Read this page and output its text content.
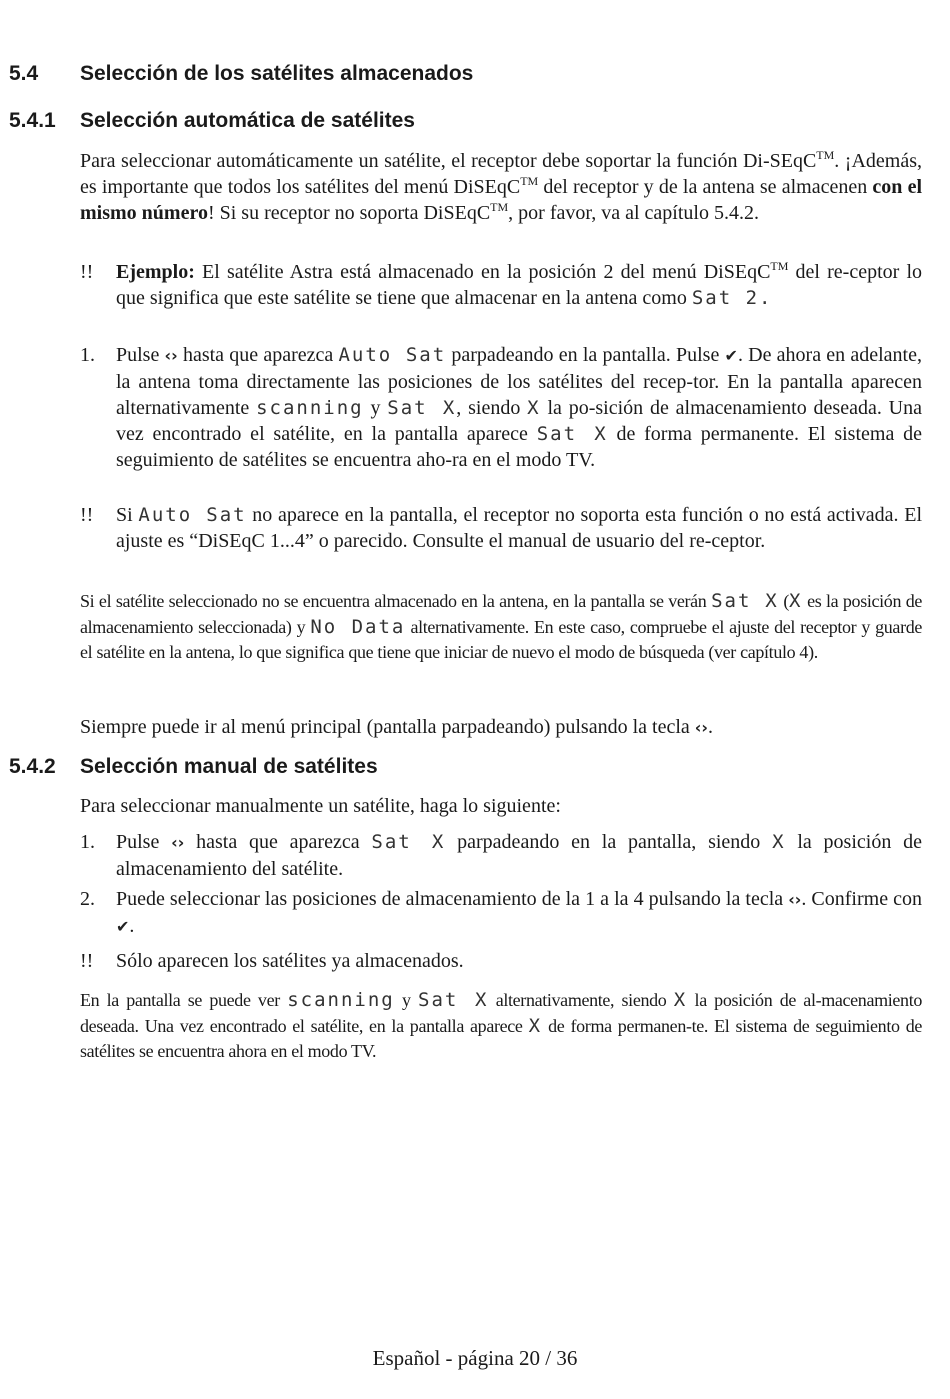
5.4 Selección de los satélites almacenados
5.4.1 Selección automática de satélites

Para seleccionar automáticamente un satélite, el receptor debe soportar la función Di-SEqC™. ¡Además, es importante que todos los satélites del menú DiSEqC™ del receptor y de la antena se almacenen con el mismo número! Si su receptor no soporta DiSEqC™, por favor, va al capítulo 5.4.2.

!!	Ejemplo: El satélite Astra está almacenado en la posición 2 del menú DiSEqC™ del re-ceptor lo que significa que este satélite se tiene que almacenar en la antena como Sat 2.
1.	Pulse ‹› hasta que aparezca Auto Sat parpadeando en la pantalla. Pulse ✔. De ahora en adelante, la antena toma directamente las posiciones de los satélites del recep-tor. En la pantalla aparecen alternativamente scanning y Sat X, siendo X la po-sición de almacenamiento deseada. Una vez encontrado el satélite, en la pantalla aparece Sat X de forma permanente. El sistema de seguimiento de satélites se encuentra aho-ra en el modo TV.
!!	Si Auto Sat no aparece en la pantalla, el receptor no soporta esta función o no está activada. El ajuste es “DiSEqC 1...4” o parecido. Consulte el manual de usuario del re-ceptor.

Si el satélite seleccionado no se encuentra almacenado en la antena, en la pantalla se verán Sat X (X es la posición de almacenamiento seleccionada) y No Data alternativamente. En este caso, compruebe el ajuste del receptor y guarde el satélite en la antena, lo que significa que tiene que iniciar de nuevo el modo de búsqueda (ver capítulo 4).

Siempre puede ir al menú principal (pantalla parpadeando) pulsando la tecla ‹›.

5.4.2 Selección manual de satélites

Para seleccionar manualmente un satélite, haga lo siguiente:

1.	Pulse ‹› hasta que aparezca Sat X parpadeando en la pantalla, siendo X la posición de almacenamiento del satélite.
2.	Puede seleccionar las posiciones de almacenamiento de la 1 a la 4 pulsando la tecla ‹›. Confirme con ✔.
!!	Sólo aparecen los satélites ya almacenados.

En la pantalla se puede ver scanning y Sat X alternativamente, siendo X la posición de al-macenamiento deseada. Una vez encontrado el satélite, en la pantalla aparece X de forma permanen-te. El sistema de seguimiento de satélites se encuentra ahora en el modo TV.

Español - página 20 / 36
